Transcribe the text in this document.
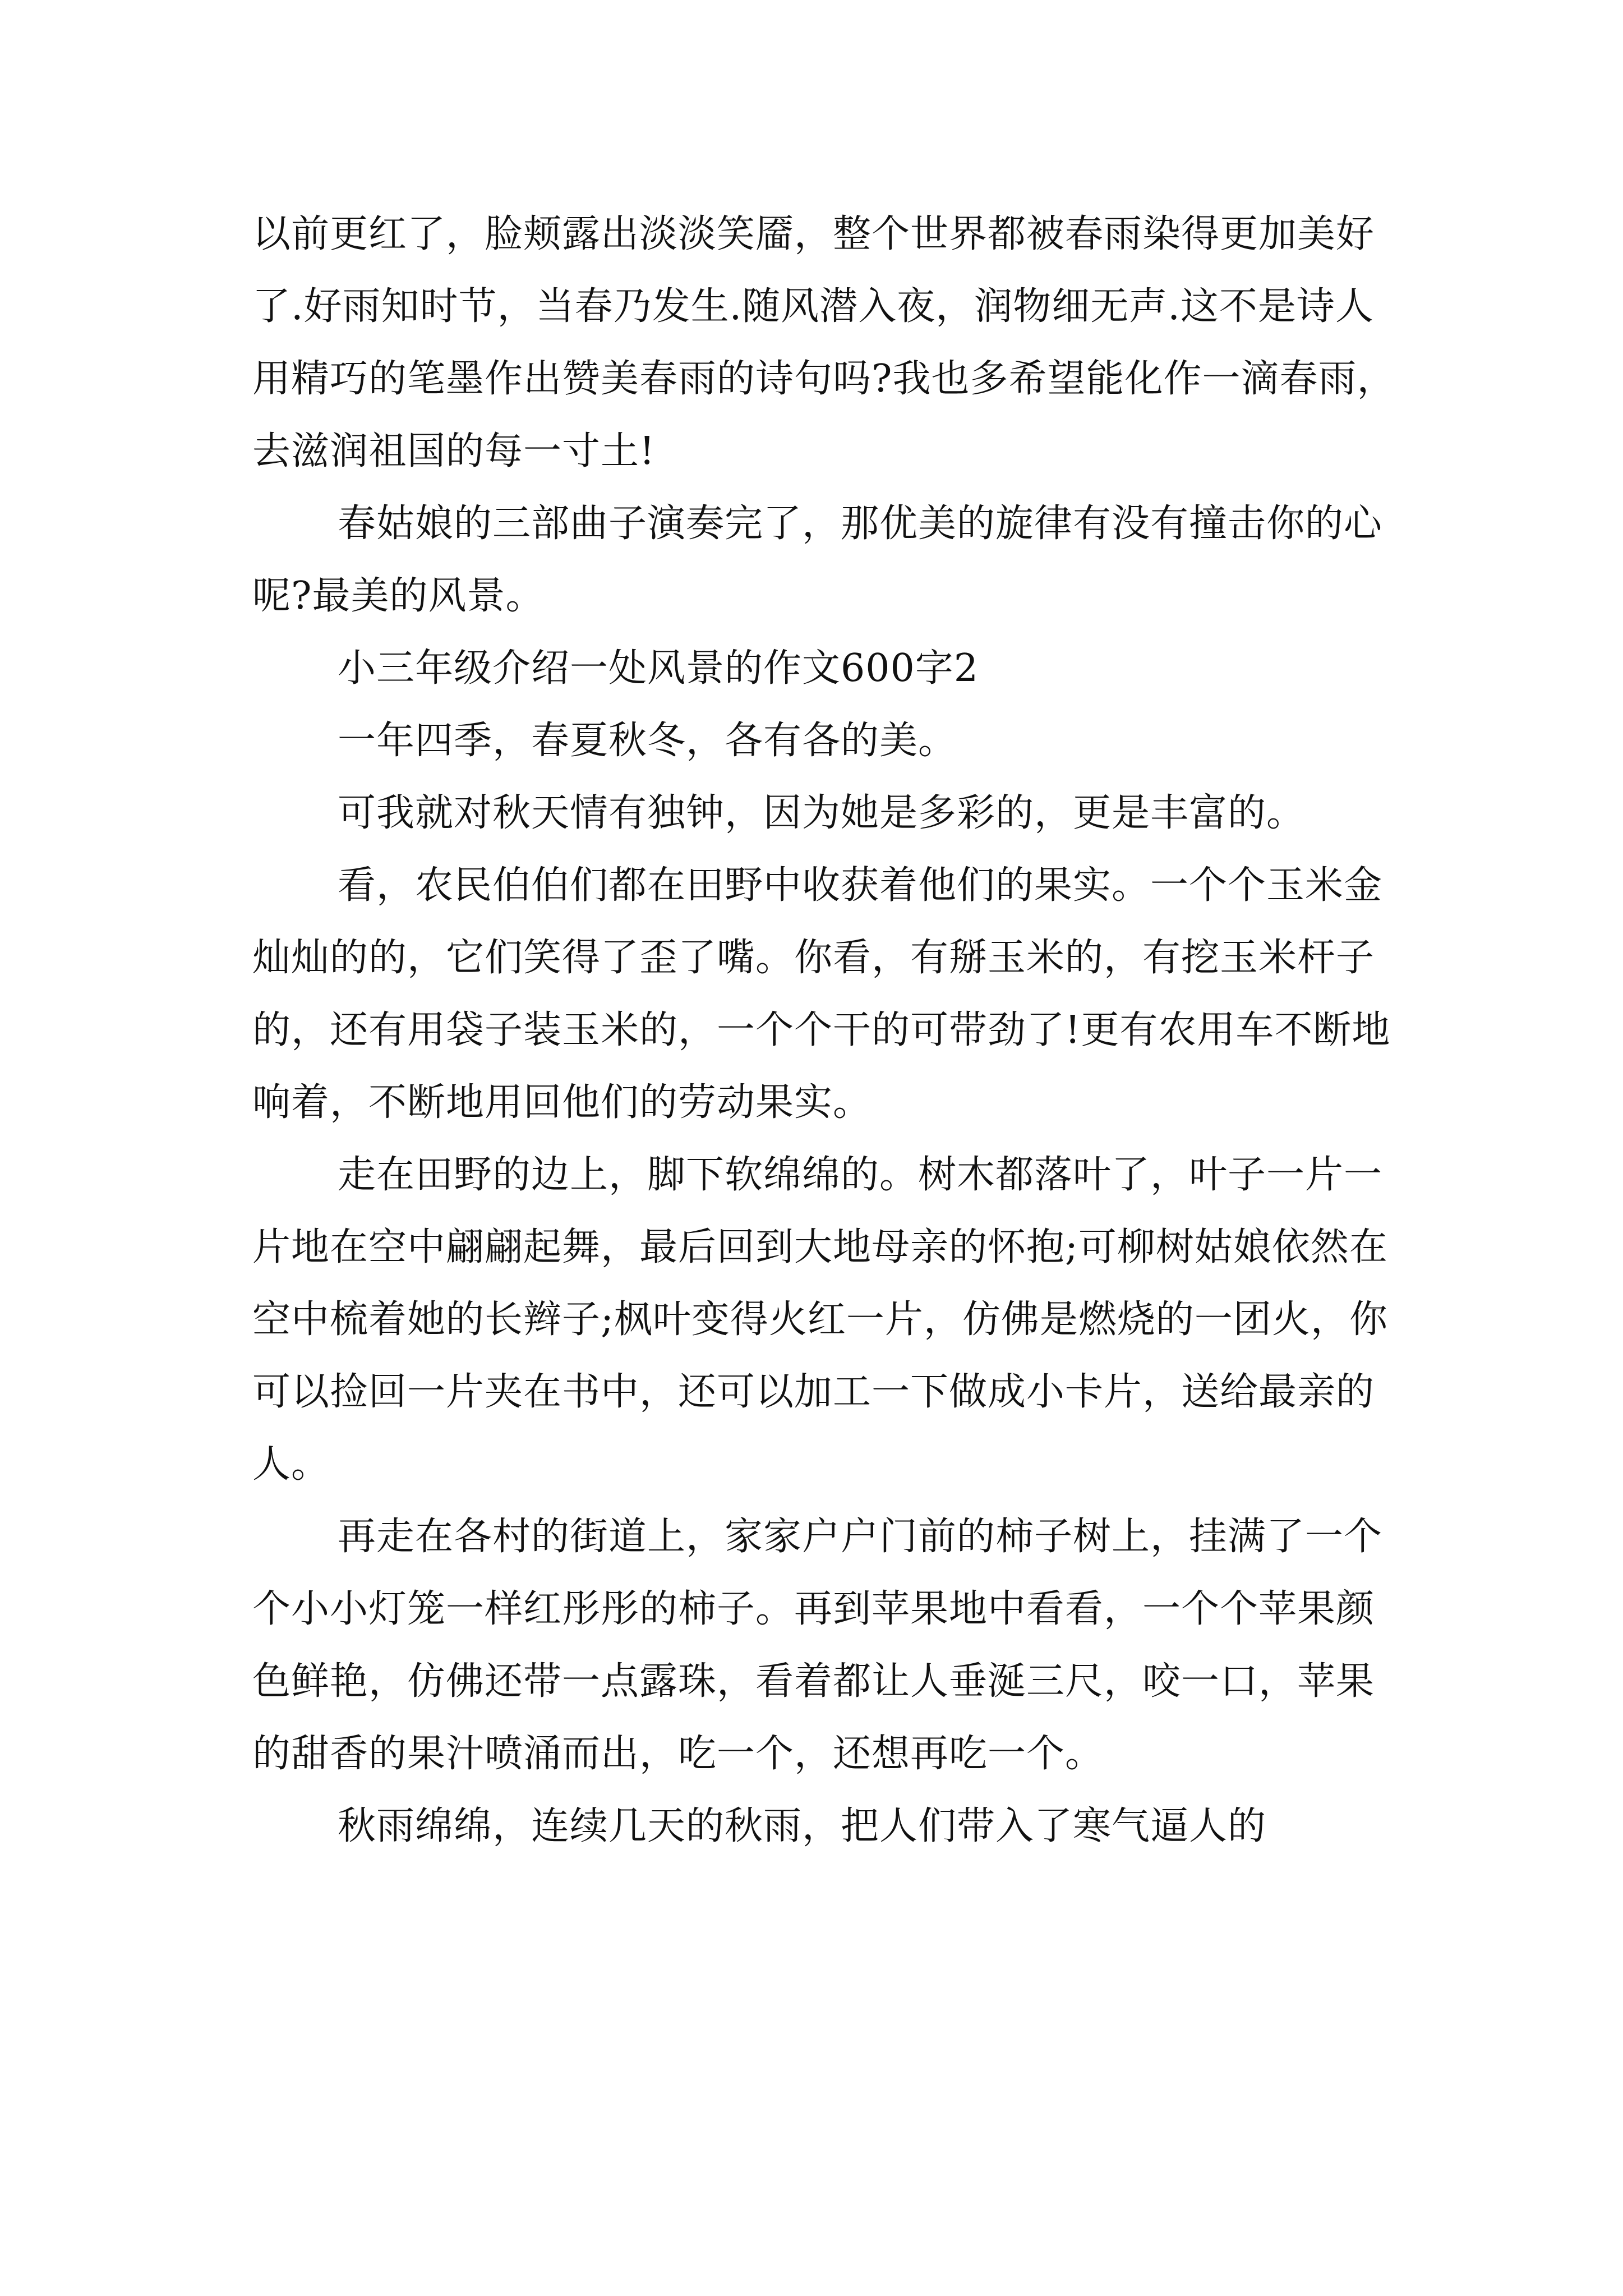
以前更红了，脸颊露出淡淡笑靥，整个世界都被春雨染得更加美好了.好雨知时节，当春乃发生.随风潜入夜，润物细无声.这不是诗人用精巧的笔墨作出赞美春雨的诗句吗?我也多希望能化作一滴春雨，去滋润祖国的每一寸土!

春姑娘的三部曲子演奏完了，那优美的旋律有没有撞击你的心呢?最美的风景。

小三年级介绍一处风景的作文600字2

一年四季，春夏秋冬，各有各的美。

可我就对秋天情有独钟，因为她是多彩的，更是丰富的。

看，农民伯伯们都在田野中收获着他们的果实。一个个玉米金灿灿的的，它们笑得了歪了嘴。你看，有掰玉米的，有挖玉米杆子的，还有用袋子装玉米的，一个个干的可带劲了!更有农用车不断地响着，不断地用回他们的劳动果实。

走在田野的边上，脚下软绵绵的。树木都落叶了，叶子一片一片地在空中翩翩起舞，最后回到大地母亲的怀抱;可柳树姑娘依然在空中梳着她的长辫子;枫叶变得火红一片，仿佛是燃烧的一团火，你可以捡回一片夹在书中，还可以加工一下做成小卡片，送给最亲的人。

再走在各村的街道上，家家户户门前的柿子树上，挂满了一个个小小灯笼一样红彤彤的柿子。再到苹果地中看看，一个个苹果颜色鲜艳，仿佛还带一点露珠，看着都让人垂涎三尺，咬一口，苹果的甜香的果汁喷涌而出，吃一个，还想再吃一个。

秋雨绵绵，连续几天的秋雨，把人们带入了寒气逼人的
